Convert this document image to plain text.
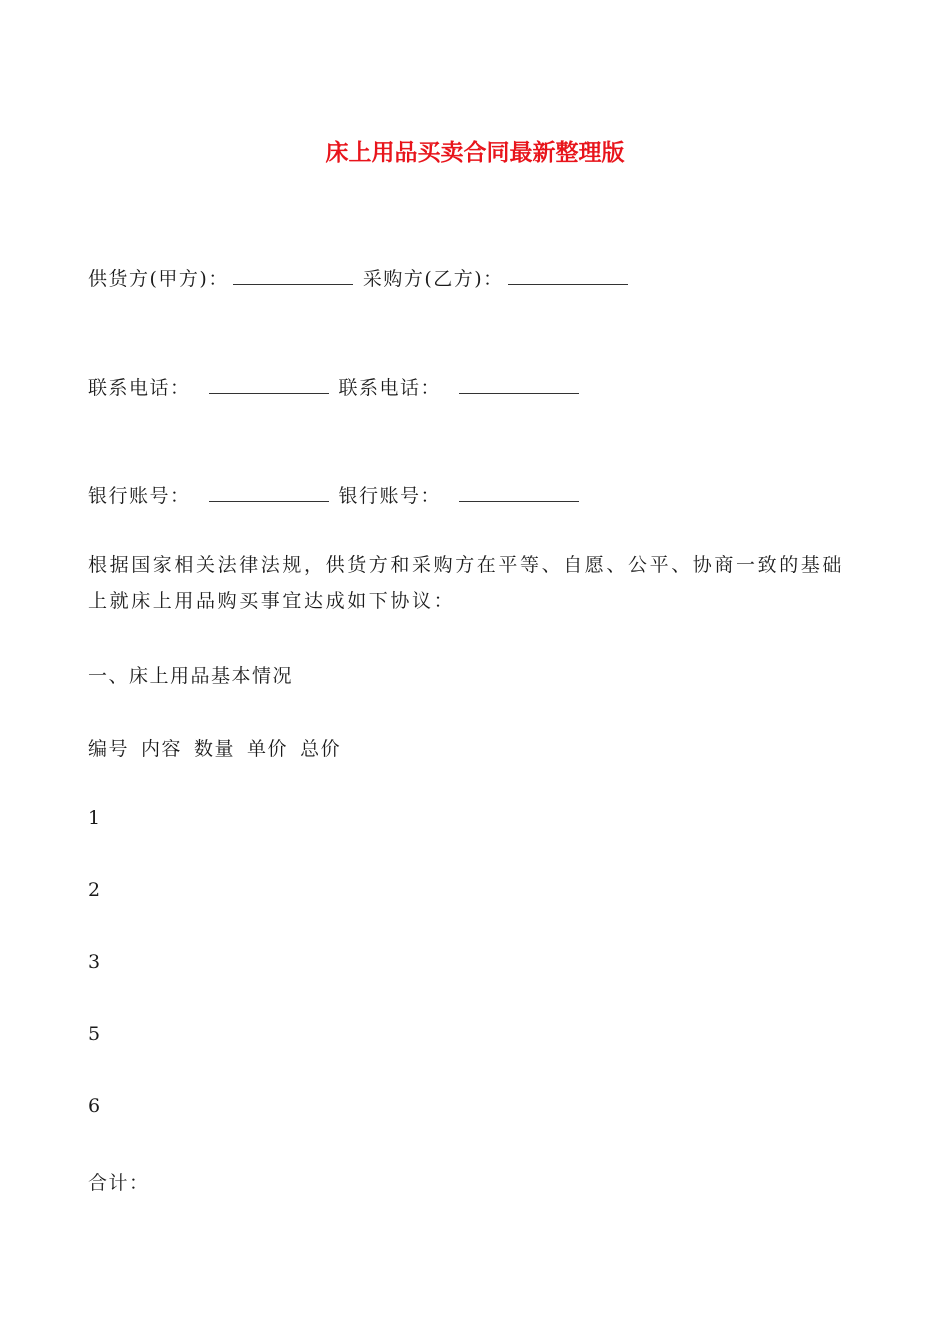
床上用品买卖合同最新整理版
供货方(甲方)：	采购方(乙方)：
联系电话：	联系电话：
银行账号：	银行账号：
根据国家相关法律法规，供货方和采购方在平等、自愿、公平、协商一致的基础上就床上用品购买事宜达成如下协议：
一、床上用品基本情况
编号 内容 数量 单价 总价
1
2
3
5
6
合计：
